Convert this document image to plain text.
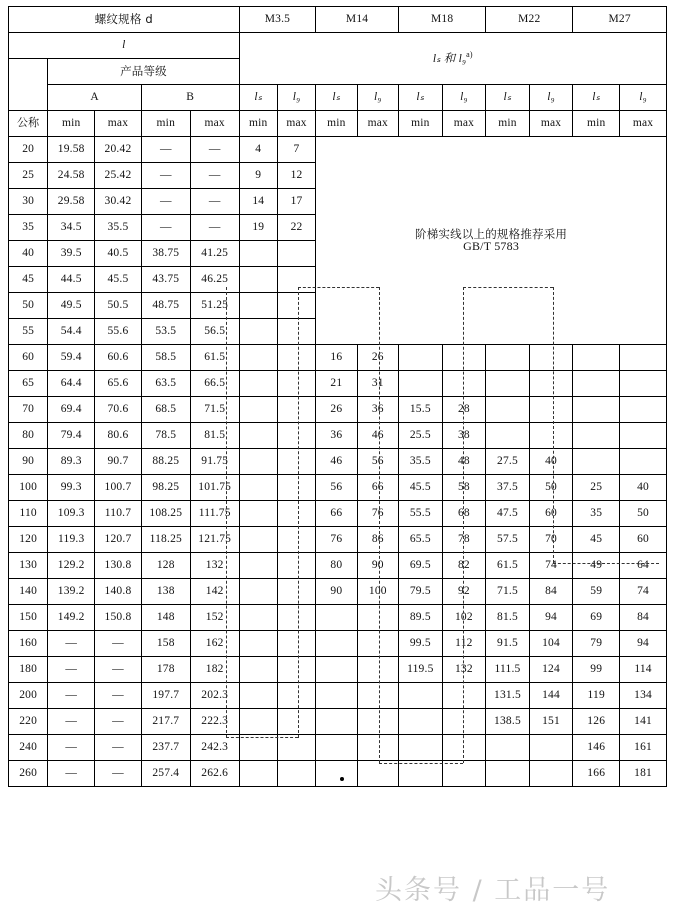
螺纹规格 d					M3.5		M14		M18		M22		M27	
l					lₛ 和 l₉$^{a)}$
	产品等级													
	A		B		lₛ	l₉	lₛ	l₉	lₛ	l₉	lₛ	l₉	lₛ	l₉
公称	min	max	min	max	min	max	min	max	min	max	min	max	min	max
20	19.58	20.42	—	—	4	7	阶梯实线以上的规格推荐采用
GB/T 5783							

25	24.58	25.42	—	—	9	12								
30	29.58	30.42	—	—	14	17								
35	34.5	35.5	—	—	19	22								
40	39.5	40.5	38.75	41.25										
45	44.5	45.5	43.75	46.25										
50	49.5	50.5	48.75	51.25										
55	54.4	55.6	53.5	56.5										
60	59.4	60.6	58.5	61.5			16	26						
65	64.4	65.6	63.5	66.5			21	31						
70	69.4	70.6	68.5	71.5			26	36	15.5	28				
80	79.4	80.6	78.5	81.5			36	46	25.5	38				
90	89.3	90.7	88.25	91.75			46	56	35.5	48	27.5	40		
100	99.3	100.7	98.25	101.75			56	66	45.5	58	37.5	50	25	40
110	109.3	110.7	108.25	111.75			66	76	55.5	68	47.5	60	35	50
120	119.3	120.7	118.25	121.75			76	86	65.5	78	57.5	70	45	60
130	129.2	130.8	128	132			80	90	69.5	82	61.5	74	49	64
140	139.2	140.8	138	142			90	100	79.5	92	71.5	84	59	74
150	149.2	150.8	148	152					89.5	102	81.5	94	69	84
160	—	—	158	162					99.5	112	91.5	104	79	94
180	—	—	178	182					119.5	132	111.5	124	99	114
200	—	—	197.7	202.3							131.5	144	119	134
220	—	—	217.7	222.3							138.5	151	126	141
240	—	—	237.7	242.3									146	161
260	—	—	257.4	262.6									166	181
头条号 / 工品一号
